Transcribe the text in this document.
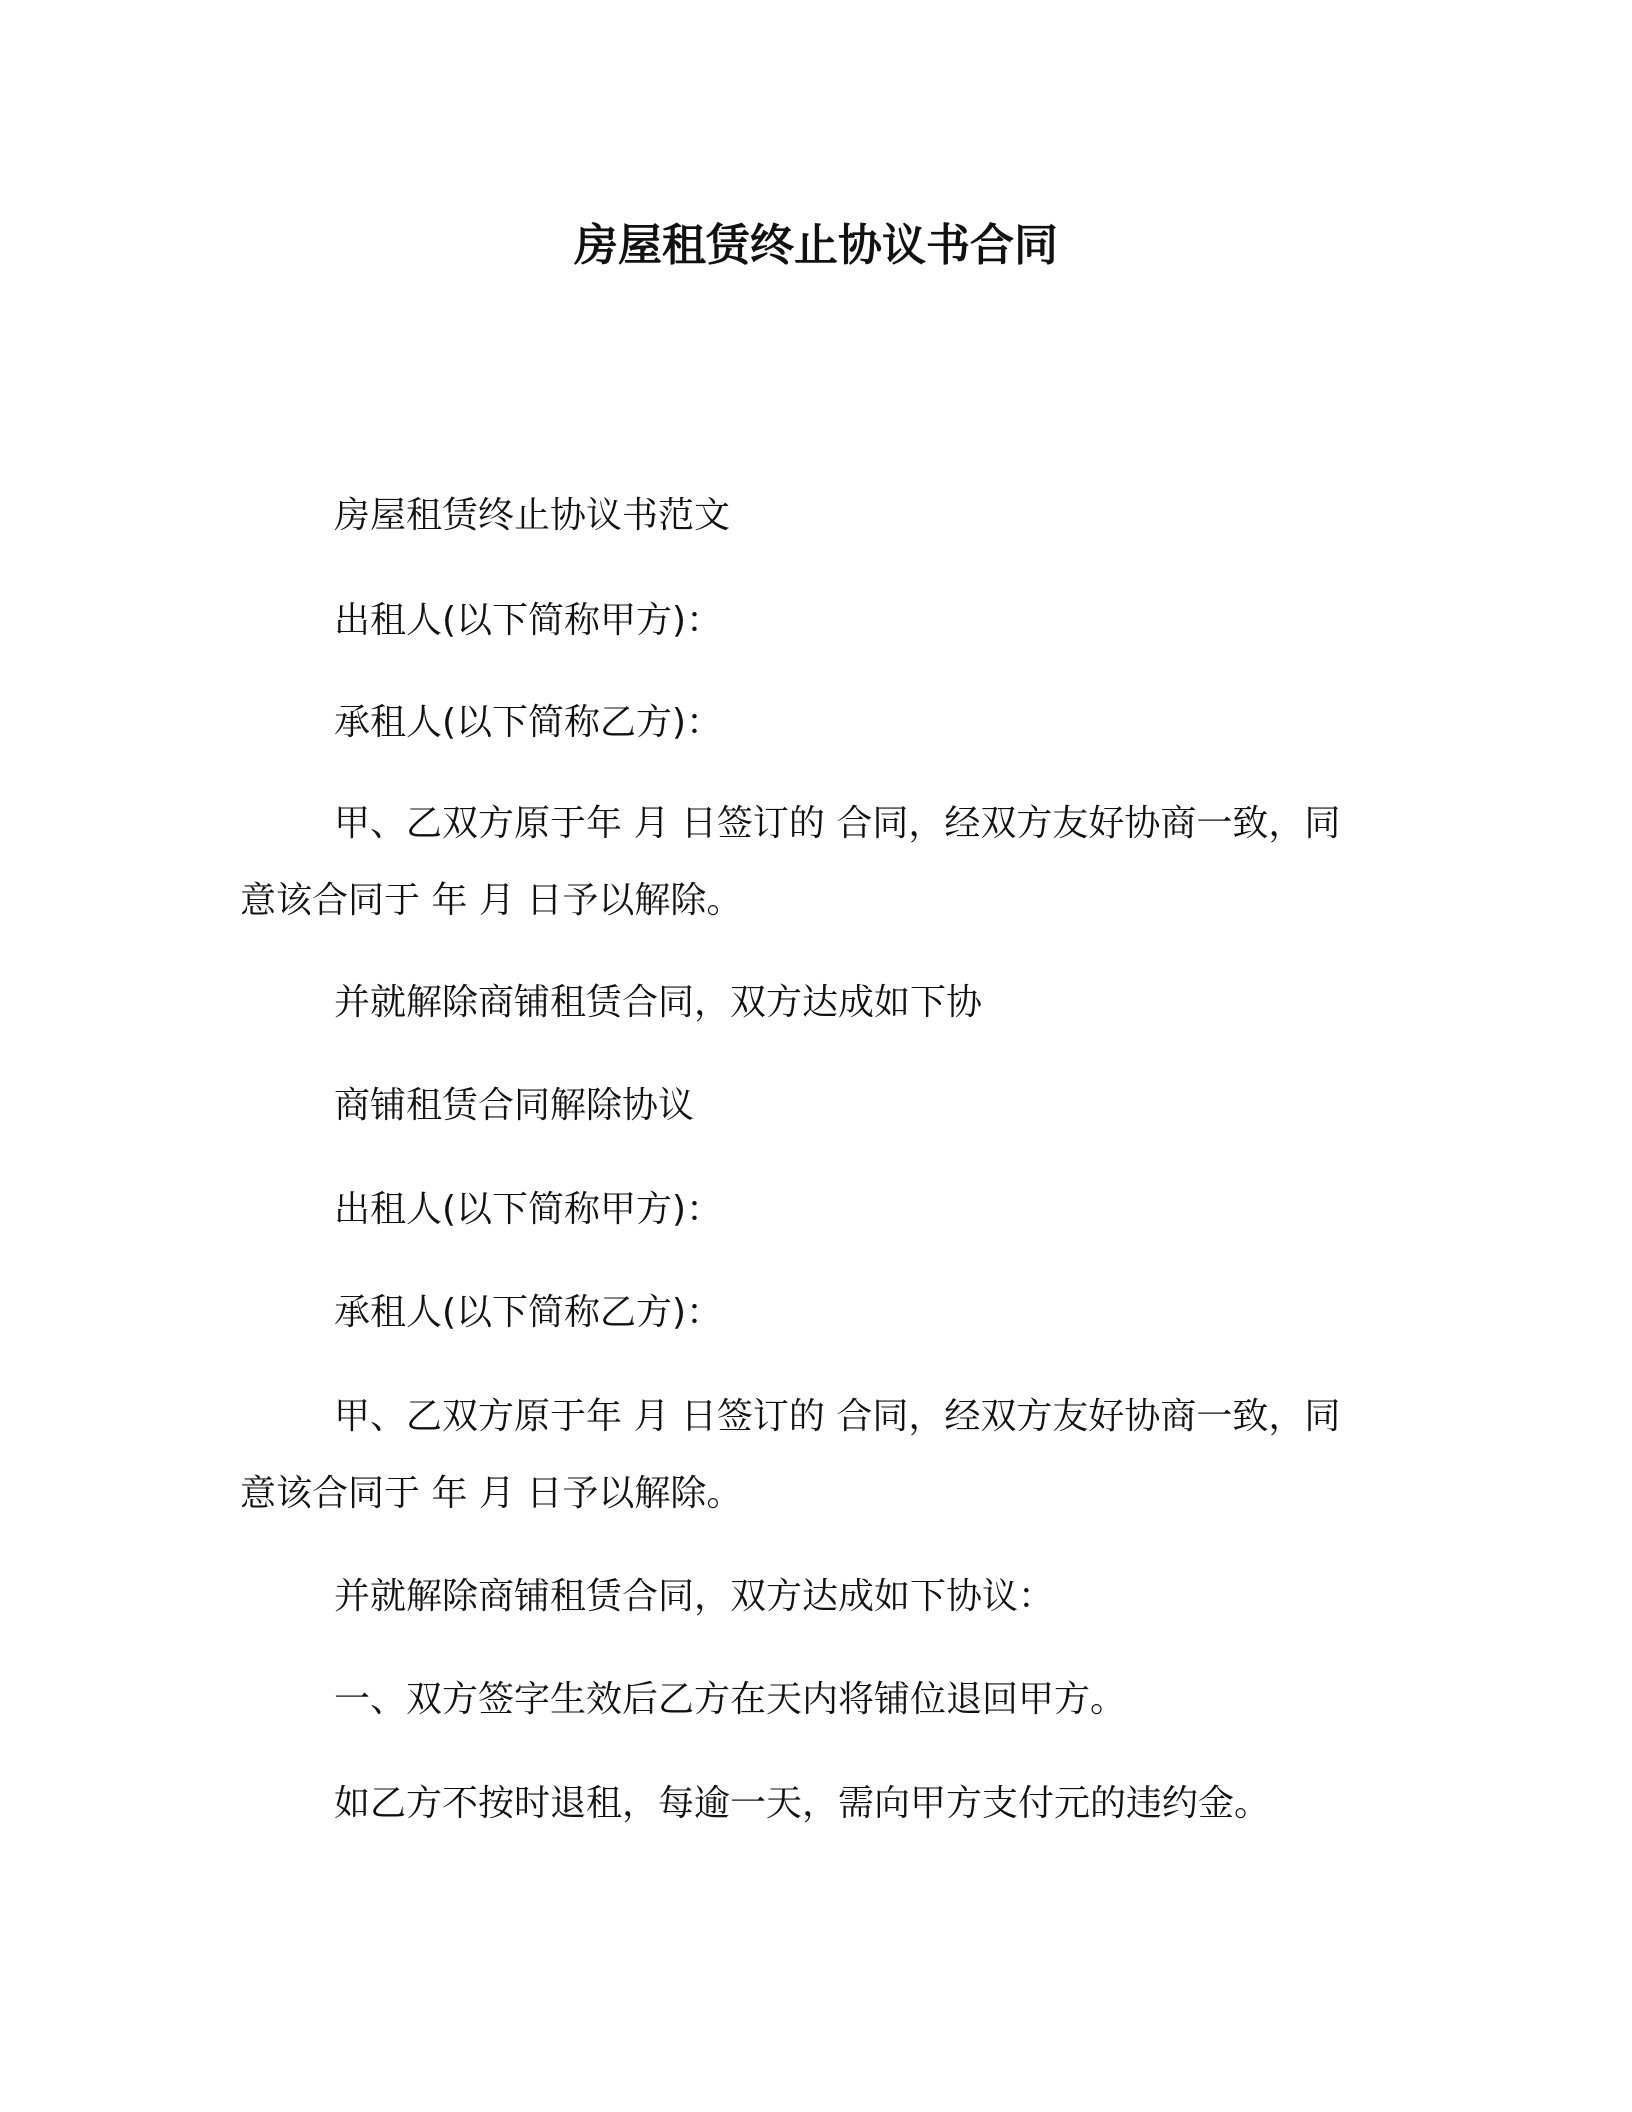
房屋租赁终止协议书合同
房屋租赁终止协议书范文
出租人(以下简称甲方)：
承租人(以下简称乙方)：
甲、乙双方原于年 月 日签订的 合同，经双方友好协商一致，同
意该合同于 年 月 日予以解除。
并就解除商铺租赁合同，双方达成如下协
商铺租赁合同解除协议
出租人(以下简称甲方)：
承租人(以下简称乙方)：
甲、乙双方原于年 月 日签订的 合同，经双方友好协商一致，同
意该合同于 年 月 日予以解除。
并就解除商铺租赁合同，双方达成如下协议：
一、双方签字生效后乙方在天内将铺位退回甲方。
如乙方不按时退租，每逾一天，需向甲方支付元的违约金。
